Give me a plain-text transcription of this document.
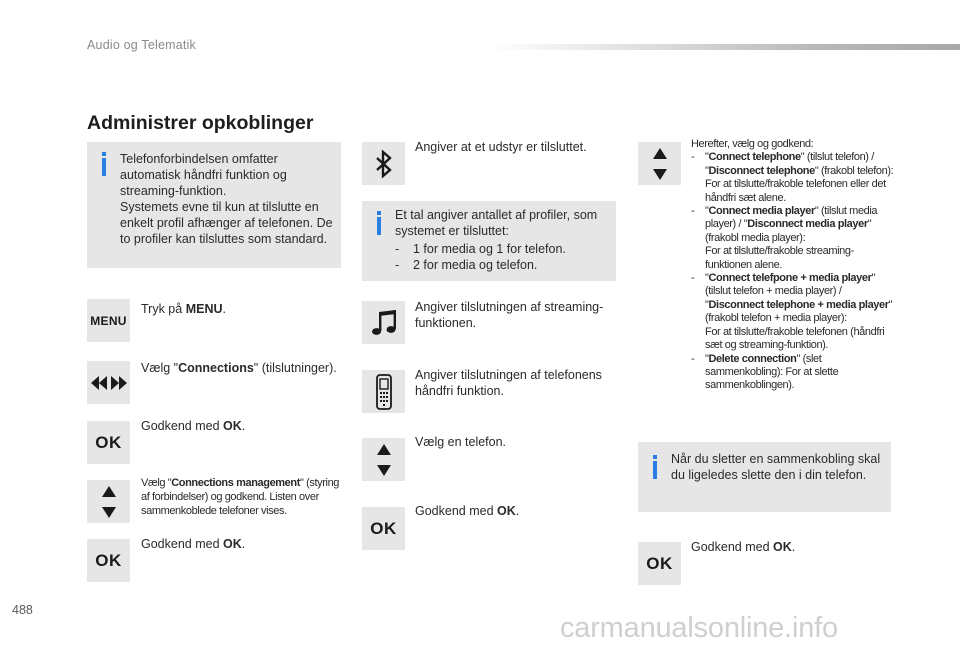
Audio og Telematik
Administrer opkoblinger
Telefonforbindelsen omfatter automatisk håndfri funktion og streaming-funktion.
Systemets evne til kun at tilslutte en enkelt profil afhænger af telefonen. De to profiler kan tilsluttes som standard.
MENU
Tryk på MENU.
Vælg "Connections" (tilslutninger).
OK
Godkend med OK.
Vælg "Connections management" (styring af forbindelser) og godkend. Listen over sammenkoblede telefoner vises.
OK
Godkend med OK.
Angiver at et udstyr er tilsluttet.
Et tal angiver antallet af profiler, som systemet er tilsluttet:
-	1 for media og 1 for telefon.
-	2 for media og telefon.
Angiver tilslutningen af streaming-funktionen.
Angiver tilslutningen af telefonens håndfri funktion.
Vælg en telefon.
OK
Godkend med OK.
Herefter, vælg og godkend:
- "Connect telephone" (tilslut telefon) / "Disconnect telephone" (frakobl telefon):
For at tilslutte/frakoble telefonen eller det håndfri sæt alene.
- "Connect media player" (tilslut media player) / "Disconnect media player" (frakobl media player):
For at tilslutte/frakoble streaming-funktionen alene.
- "Connect telefpone + media player" (tilslut telefon + media player) / "Disconnect telephone + media player" (frakobl telefon + media player):
For at tilslutte/frakoble telefonen (håndfri sæt og streaming-funktion).
- "Delete connection" (slet sammenkobling): For at slette sammenkoblingen).
Når du sletter en sammenkobling skal du ligeledes slette den i din telefon.
OK
Godkend med OK.
488
carmanualsonline.info
